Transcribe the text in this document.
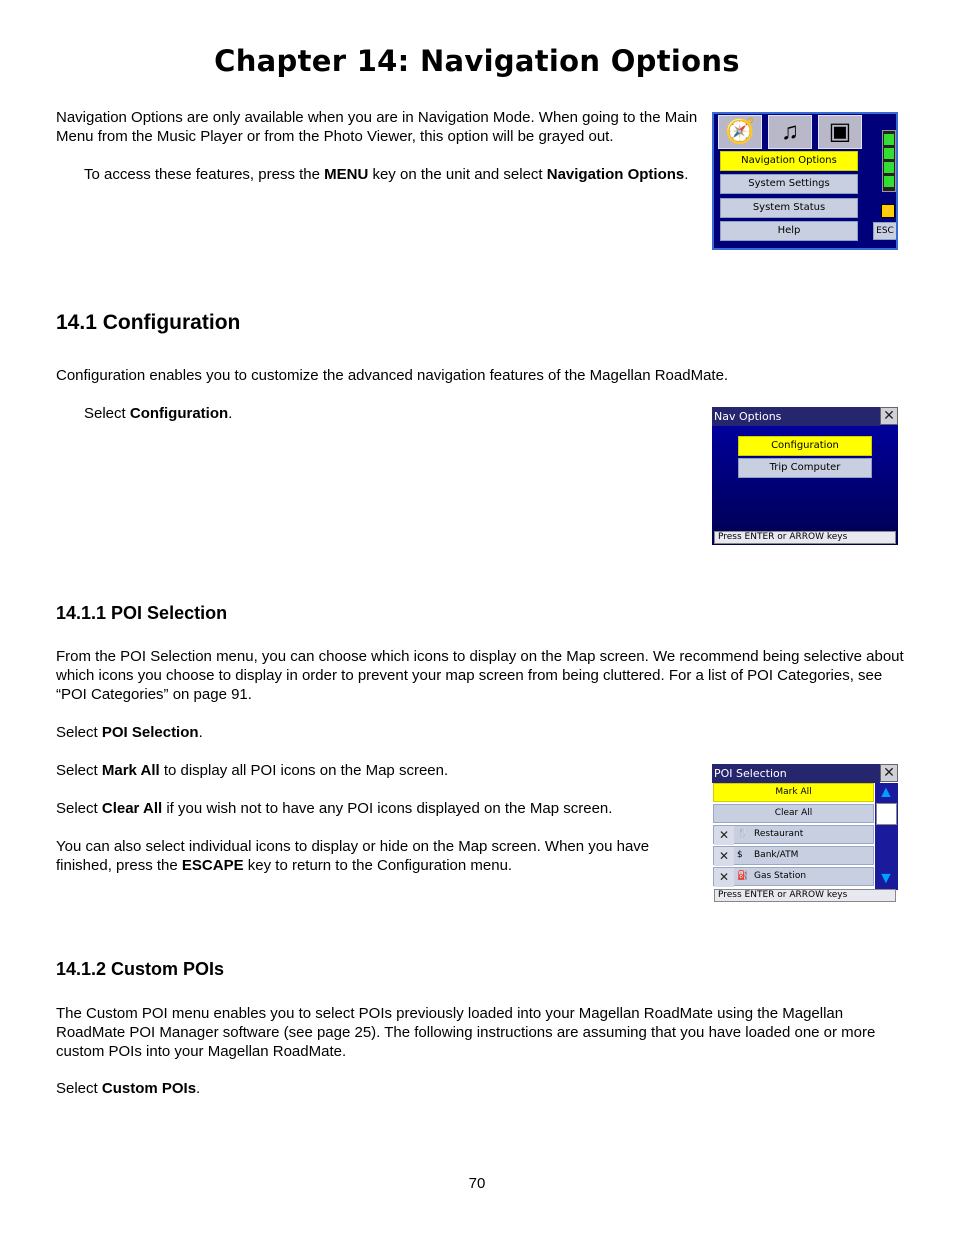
Chapter 14: Navigation Options

Navigation Options are only available when you are in Navigation Mode. When going to the Main Menu from the Music Player or from the Photo Viewer, this option will be grayed out.

To access these features, press the MENU key on the unit and select Navigation Options.

🧭	♫	▣
Navigation Options
System Settings
System Status
Help
⚡
ESC
14.1 Configuration

Configuration enables you to customize the advanced navigation features of the Magellan RoadMate.

Select Configuration.	Nav Options	✕
Configuration
Trip Computer
Press ENTER or ARROW keys
14.1.1 POI Selection

From the POI Selection menu, you can choose which icons to display on the Map screen. We recommend being selective about which icons you choose to display in order to prevent your map screen from being cluttered. For a list of POI Categories, see “POI Categories” on page 91.

Select POI Selection.

Select Mark All to display all POI icons on the Map screen.

Select Clear All if you wish not to have any POI icons displayed on the Map screen.

You can also select individual icons to display or hide on the Map screen. When you have finished, press the ESCAPE key to return to the Configuration menu.

POI Selection	✕
Mark All
Clear All
✕ 🍴 Restaurant
✕ $ Bank/ATM
✕ ⛽ Gas Station
▲
▼
Press ENTER or ARROW keys
14.1.2 Custom POIs

The Custom POI menu enables you to select POIs previously loaded into your Magellan RoadMate using the Magellan RoadMate POI Manager software (see page 25). The following instructions are assuming that you have loaded one or more custom POIs into your Magellan RoadMate.

Select Custom POIs.

70
